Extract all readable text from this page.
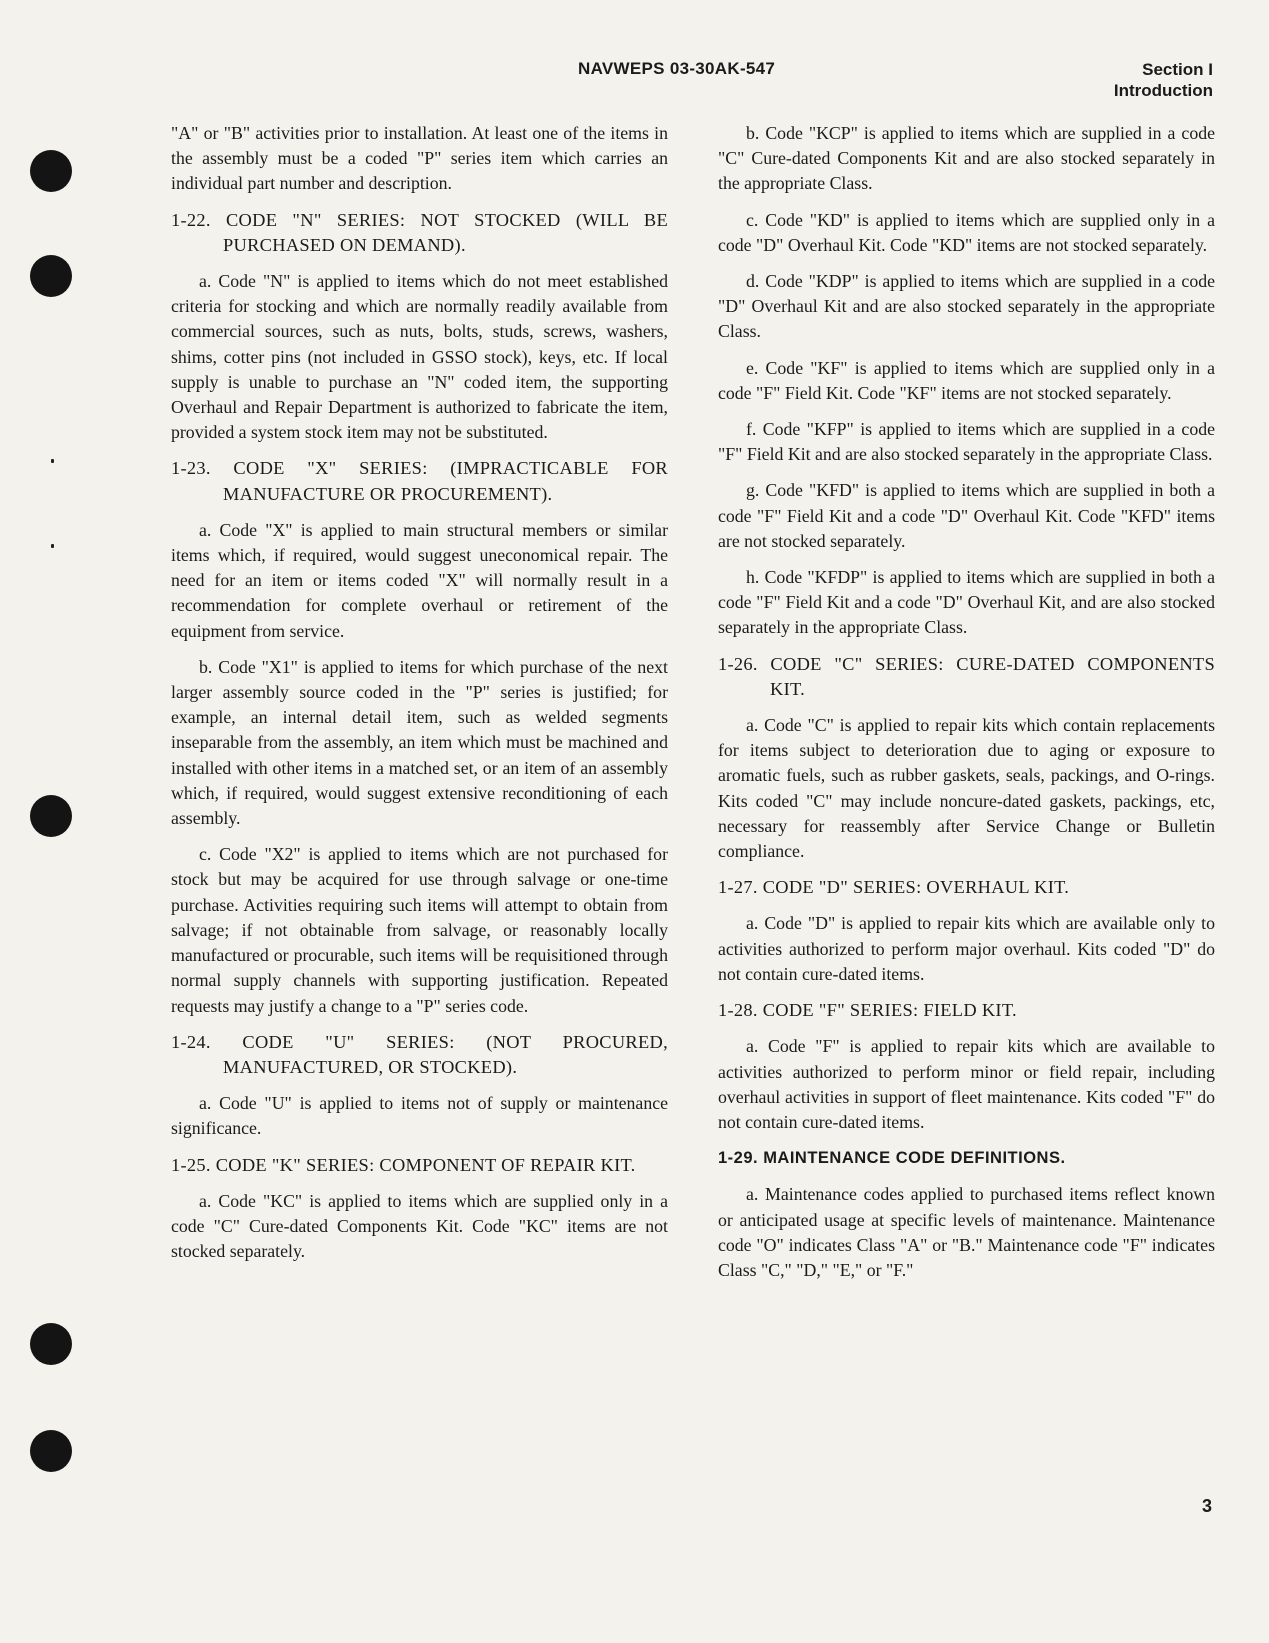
NAVWEPS 03-30AK-547	Section I
Introduction

"A" or "B" activities prior to installation. At least one of the items in the assembly must be a coded "P" series item which carries an individual part number and description.

1-22. CODE "N" SERIES: NOT STOCKED (WILL BE PURCHASED ON DEMAND).

a. Code "N" is applied to items which do not meet established criteria for stocking and which are normally readily available from commercial sources, such as nuts, bolts, studs, screws, washers, shims, cotter pins (not included in GSSO stock), keys, etc. If local supply is unable to purchase an "N" coded item, the supporting Overhaul and Repair Department is authorized to fabricate the item, provided a system stock item may not be substituted.

1-23. CODE "X" SERIES: (IMPRACTICABLE FOR MANUFACTURE OR PROCUREMENT).

a. Code "X" is applied to main structural members or similar items which, if required, would suggest uneconomical repair. The need for an item or items coded "X" will normally result in a recommendation for complete overhaul or retirement of the equipment from service.

b. Code "X1" is applied to items for which purchase of the next larger assembly source coded in the "P" series is justified; for example, an internal detail item, such as welded segments inseparable from the assembly, an item which must be machined and installed with other items in a matched set, or an item of an assembly which, if required, would suggest extensive reconditioning of each assembly.

c. Code "X2" is applied to items which are not purchased for stock but may be acquired for use through salvage or one-time purchase. Activities requiring such items will attempt to obtain from salvage; if not obtainable from salvage, or reasonably locally manufactured or procurable, such items will be requisitioned through normal supply channels with supporting justification. Repeated requests may justify a change to a "P" series code.

1-24. CODE "U" SERIES: (NOT PROCURED, MANUFACTURED, OR STOCKED).

a. Code "U" is applied to items not of supply or maintenance significance.

1-25. CODE "K" SERIES: COMPONENT OF REPAIR KIT.

a. Code "KC" is applied to items which are supplied only in a code "C" Cure-dated Components Kit. Code "KC" items are not stocked separately.

b. Code "KCP" is applied to items which are supplied in a code "C" Cure-dated Components Kit and are also stocked separately in the appropriate Class.

c. Code "KD" is applied to items which are supplied only in a code "D" Overhaul Kit. Code "KD" items are not stocked separately.

d. Code "KDP" is applied to items which are supplied in a code "D" Overhaul Kit and are also stocked separately in the appropriate Class.

e. Code "KF" is applied to items which are supplied only in a code "F" Field Kit. Code "KF" items are not stocked separately.

f. Code "KFP" is applied to items which are supplied in a code "F" Field Kit and are also stocked separately in the appropriate Class.

g. Code "KFD" is applied to items which are supplied in both a code "F" Field Kit and a code "D" Overhaul Kit. Code "KFD" items are not stocked separately.

h. Code "KFDP" is applied to items which are supplied in both a code "F" Field Kit and a code "D" Overhaul Kit, and are also stocked separately in the appropriate Class.

1-26. CODE "C" SERIES: CURE-DATED COMPONENTS KIT.

a. Code "C" is applied to repair kits which contain replacements for items subject to deterioration due to aging or exposure to aromatic fuels, such as rubber gaskets, seals, packings, and O-rings. Kits coded "C" may include noncure-dated gaskets, packings, etc, necessary for reassembly after Service Change or Bulletin compliance.

1-27. CODE "D" SERIES: OVERHAUL KIT.

a. Code "D" is applied to repair kits which are available only to activities authorized to perform major overhaul. Kits coded "D" do not contain cure-dated items.

1-28. CODE "F" SERIES: FIELD KIT.

a. Code "F" is applied to repair kits which are available to activities authorized to perform minor or field repair, including overhaul activities in support of fleet maintenance. Kits coded "F" do not contain cure-dated items.

1-29. MAINTENANCE CODE DEFINITIONS.

a. Maintenance codes applied to purchased items reflect known or anticipated usage at specific levels of maintenance. Maintenance code "O" indicates Class "A" or "B." Maintenance code "F" indicates Class "C," "D," "E," or "F."

3
